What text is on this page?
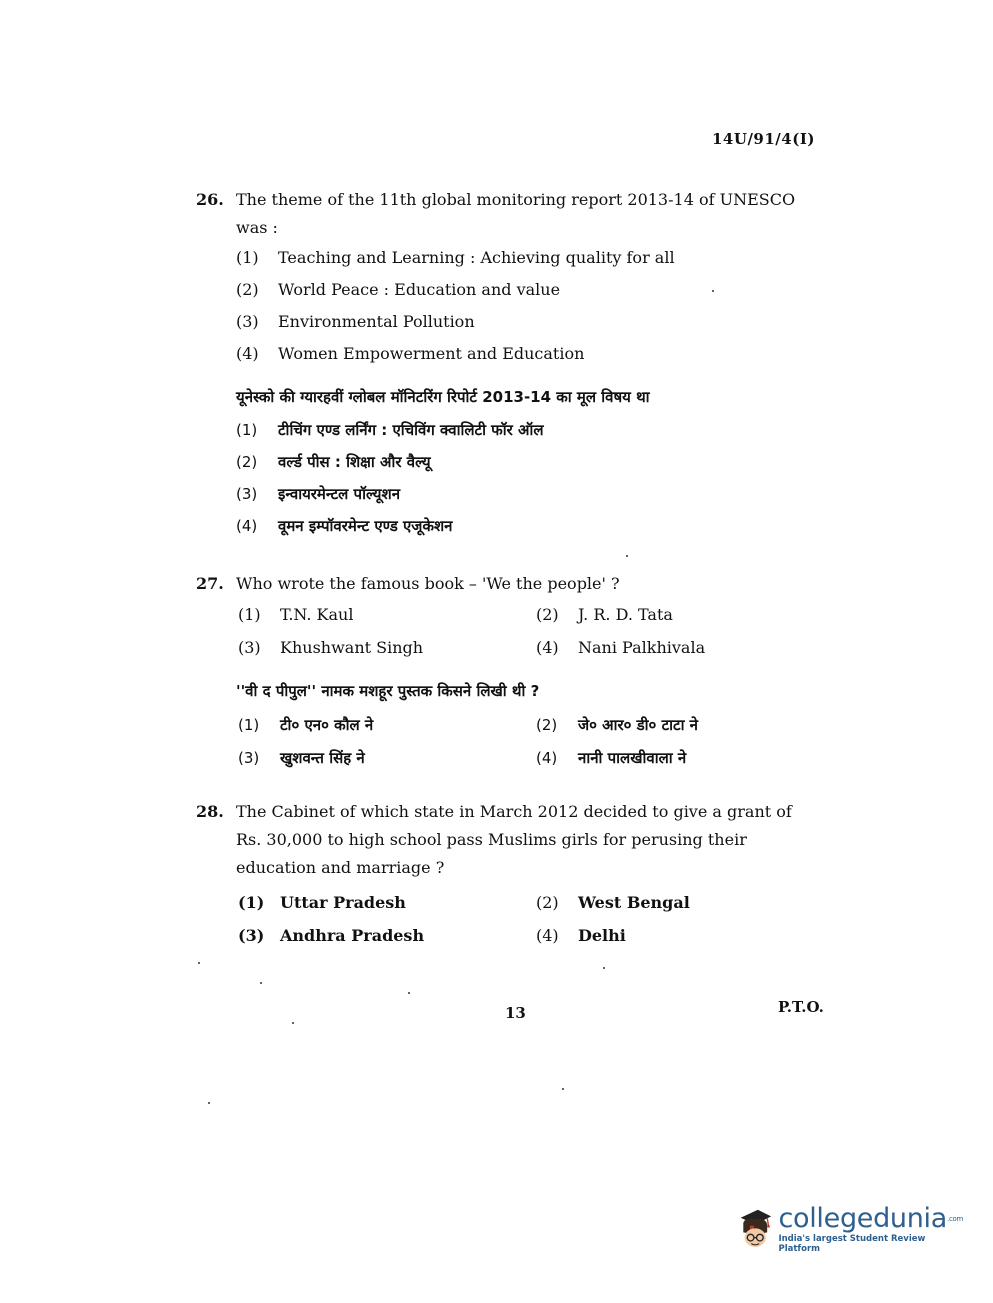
14U/91/4(I)
26. The theme of the 11th global monitoring report 2013-14 of UNESCO
was :
(1)	Teaching and Learning : Achieving quality for all
(2)	World Peace : Education and value
(3)	Environmental Pollution
(4)	Women Empowerment and Education
यूनेस्को की ग्यारहवीं ग्लोबल मॉनिटरिंग रिपोर्ट 2013-14 का मूल विषय था
(1)	टीचिंग एण्ड लर्निंग : एचिविंग क्वालिटी फॉर ऑल
(2)	वर्ल्ड पीस : शिक्षा और वैल्यू
(3)	इन्वायरमेन्टल पॉल्यूशन
(4)	वूमन इम्पॉवरमेन्ट एण्ड एजूकेशन
27. Who wrote the famous book – 'We the people' ?
(1)	T.N. Kaul	(2)	J. R. D. Tata
(3)	Khushwant Singh	(4)	Nani Palkhivala
''वी द पीपुल'' नामक मशहूर पुस्तक किसने लिखी थी ?
(1)	टी० एन० कौल ने	(2)	जे० आर० डी० टाटा ने
(3)	खुशवन्त सिंह ने	(4)	नानी पालखीवाला ने
28. The Cabinet of which state in March 2012 decided to give a grant of
Rs. 30,000 to high school pass Muslims girls for perusing their
education and marriage ?
(1) Uttar Pradesh	(2)	West Bengal
(3) Andhra Pradesh	(4)	Delhi
13	P.T.O.
collegedunia$^{.com}$
India's largest Student Review Platform
